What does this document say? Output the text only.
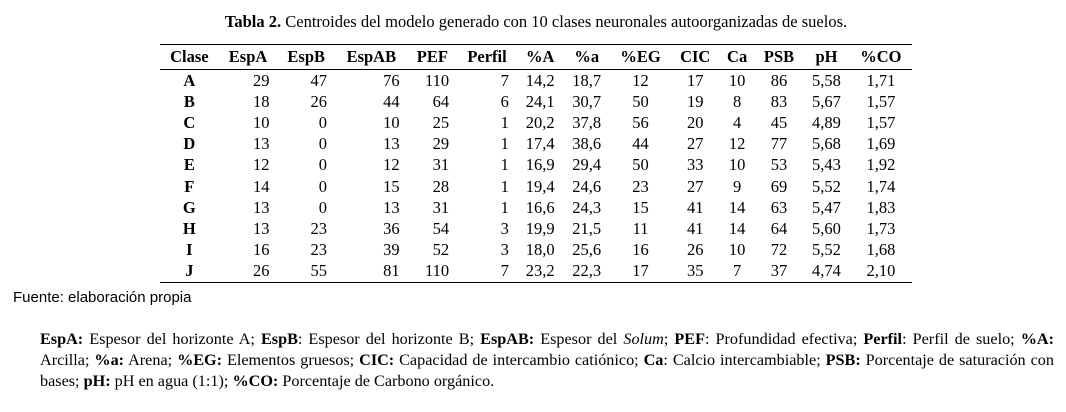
Tabla 2. Centroides del modelo generado con 10 clases neuronales autoorganizadas de suelos.
Clase	EspA	EspB	EspAB	PEF	Perfil	%A	%a	%EG	CIC	Ca	PSB	pH	%CO
A	29	47	76	110	7	14,2	18,7	12	17	10	86	5,58	1,71
B	18	26	44	64	6	24,1	30,7	50	19	8	83	5,67	1,57
C	10	0	10	25	1	20,2	37,8	56	20	4	45	4,89	1,57
D	13	0	13	29	1	17,4	38,6	44	27	12	77	5,68	1,69
E	12	0	12	31	1	16,9	29,4	50	33	10	53	5,43	1,92
F	14	0	15	28	1	19,4	24,6	23	27	9	69	5,52	1,74
G	13	0	13	31	1	16,6	24,3	15	41	14	63	5,47	1,83
H	13	23	36	54	3	19,9	21,5	11	41	14	64	5,60	1,73
I	16	23	39	52	3	18,0	25,6	16	26	10	72	5,52	1,68
J	26	55	81	110	7	23,2	22,3	17	35	7	37	4,74	2,10
Fuente: elaboración propia
EspA: Espesor del horizonte A; EspB: Espesor del horizonte B; EspAB: Espesor del Solum; PEF: Profundidad efectiva; Perfil: Perfil de suelo; %A: Arcilla; %a: Arena; %EG: Elementos gruesos; CIC: Capacidad de intercambio catiónico; Ca: Calcio intercambiable; PSB: Porcentaje de saturación con bases; pH: pH en agua (1:1); %CO: Porcentaje de Carbono orgánico.
